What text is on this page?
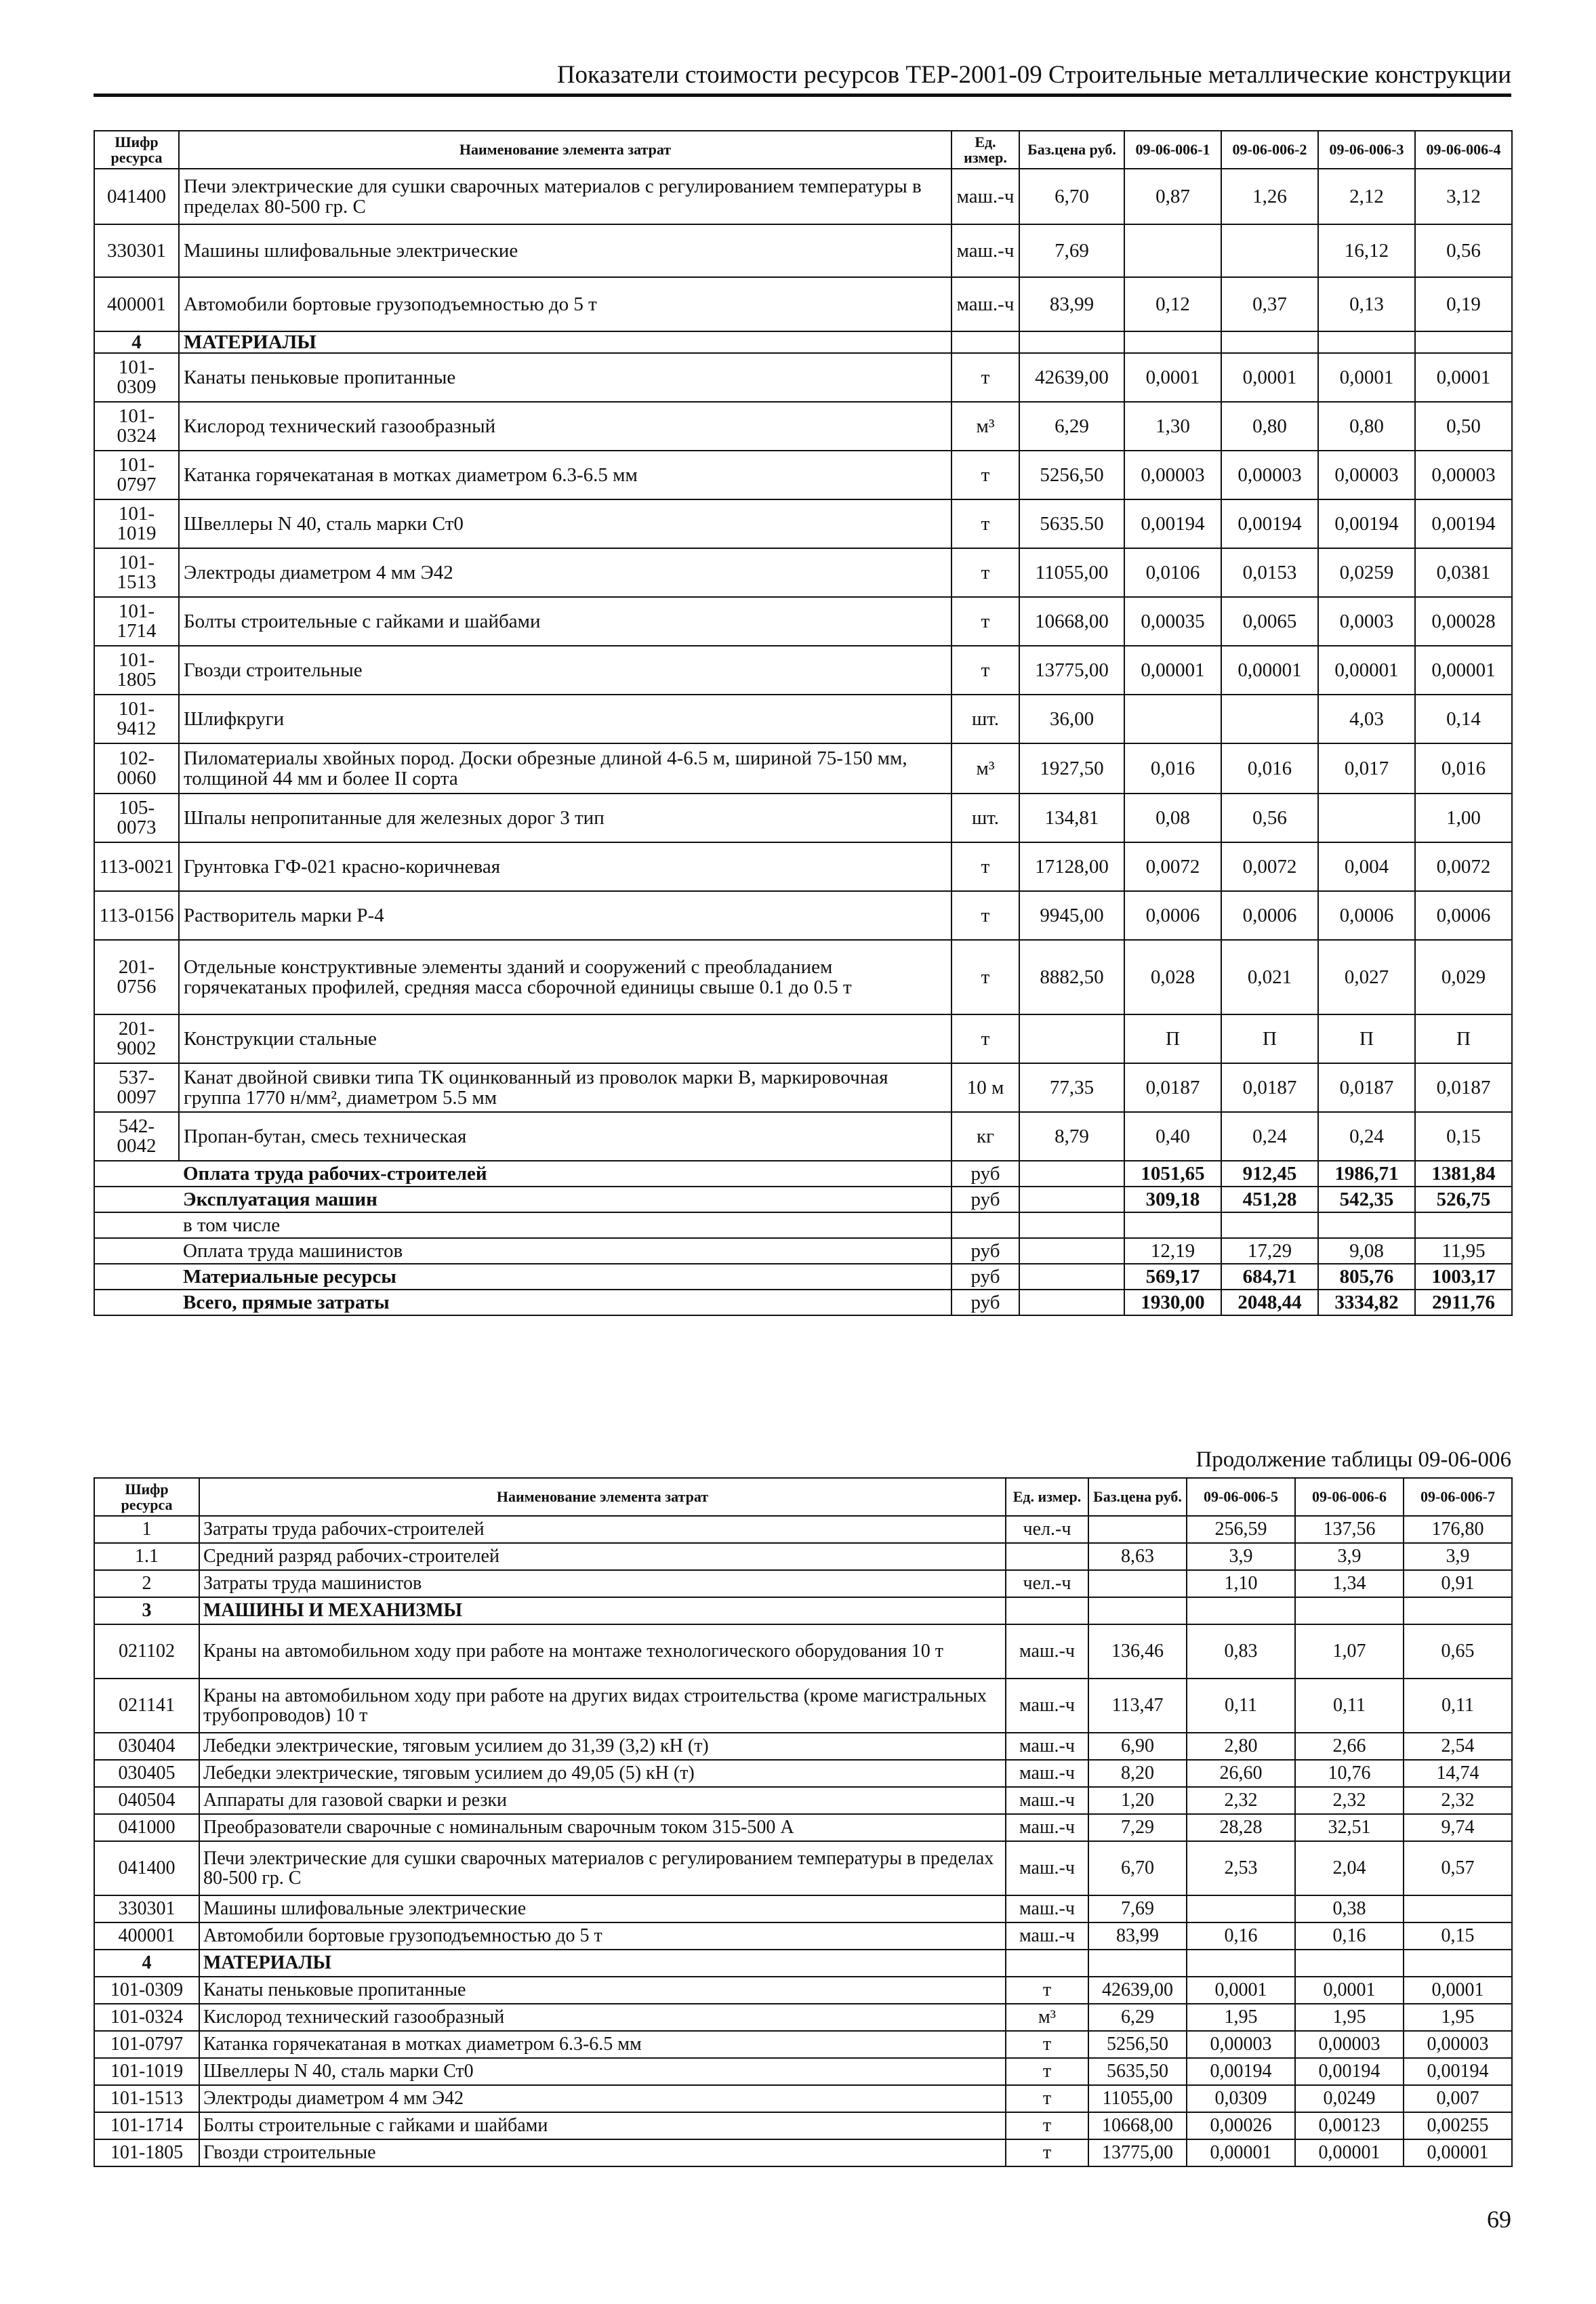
Показатели стоимости ресурсов ТЕР-2001-09 Строительные металлические конструкции
Шифр ресурса	Наименование элемента затрат	Ед. измер.	Баз.цена руб.	09-06-006-1	09-06-006-2	09-06-006-3	09-06-006-4
041400	Печи электрические для сушки сварочных материалов с регулированием температуры в пределах 80-500 гр. С	маш.-ч	6,70	0,87	1,26	2,12	3,12
330301	Машины шлифовальные электрические	маш.-ч	7,69			16,12	0,56
400001	Автомобили бортовые грузоподъемностью до 5 т	маш.-ч	83,99	0,12	0,37	0,13	0,19
4	МАТЕРИАЛЫ						
101-0309	Канаты пеньковые пропитанные	т	42639,00	0,0001	0,0001	0,0001	0,0001
101-0324	Кислород технический газообразный	м³	6,29	1,30	0,80	0,80	0,50
101-0797	Катанка горячекатаная в мотках диаметром 6.3-6.5 мм	т	5256,50	0,00003	0,00003	0,00003	0,00003
101-1019	Швеллеры N 40, сталь марки Ст0	т	5635.50	0,00194	0,00194	0,00194	0,00194
101-1513	Электроды диаметром 4 мм Э42	т	11055,00	0,0106	0,0153	0,0259	0,0381
101-1714	Болты строительные с гайками и шайбами	т	10668,00	0,00035	0,0065	0,0003	0,00028
101-1805	Гвозди строительные	т	13775,00	0,00001	0,00001	0,00001	0,00001
101-9412	Шлифкруги	шт.	36,00			4,03	0,14
102-0060	Пиломатериалы хвойных пород. Доски обрезные длиной 4-6.5 м, шириной 75-150 мм, толщиной 44 мм и более II сорта	м³	1927,50	0,016	0,016	0,017	0,016
105-0073	Шпалы непропитанные для железных дорог 3 тип	шт.	134,81	0,08	0,56		1,00
113-0021	Грунтовка ГФ-021 красно-коричневая	т	17128,00	0,0072	0,0072	0,004	0,0072
113-0156	Растворитель марки Р-4	т	9945,00	0,0006	0,0006	0,0006	0,0006
201-0756	Отдельные конструктивные элементы зданий и сооружений с преобладанием горячекатаных профилей, средняя масса сборочной единицы свыше 0.1 до 0.5 т	т	8882,50	0,028	0,021	0,027	0,029
201-9002	Конструкции стальные	т		П	П	П	П
537-0097	Канат двойной свивки типа ТК оцинкованный из проволок марки В, маркировочная группа 1770 н/мм², диаметром 5.5 мм	10 м	77,35	0,0187	0,0187	0,0187	0,0187
542-0042	Пропан-бутан, смесь техническая	кг	8,79	0,40	0,24	0,24	0,15
	Оплата труда рабочих-строителей	руб		1051,65	912,45	1986,71	1381,84
	Эксплуатация машин	руб		309,18	451,28	542,35	526,75
	в том числе						
	Оплата труда машинистов	руб		12,19	17,29	9,08	11,95
	Материальные ресурсы	руб		569,17	684,71	805,76	1003,17
	Всего, прямые затраты	руб		1930,00	2048,44	3334,82	2911,76
Продолжение таблицы 09-06-006
Шифр ресурса	Наименование элемента затрат	Ед. измер.	Баз.цена руб.	09-06-006-5	09-06-006-6	09-06-006-7
1	Затраты труда рабочих-строителей	чел.-ч		256,59	137,56	176,80
1.1	Средний разряд рабочих-строителей		8,63	3,9	3,9	3,9
2	Затраты труда машинистов	чел.-ч		1,10	1,34	0,91
3	МАШИНЫ И МЕХАНИЗМЫ					
021102	Краны на автомобильном ходу при работе на монтаже технологического оборудования 10 т	маш.-ч	136,46	0,83	1,07	0,65
021141	Краны на автомобильном ходу при работе на других видах строительства (кроме магистральных трубопроводов) 10 т	маш.-ч	113,47	0,11	0,11	0,11
030404	Лебедки электрические, тяговым усилием до 31,39 (3,2) кН (т)	маш.-ч	6,90	2,80	2,66	2,54
030405	Лебедки электрические, тяговым усилием до 49,05 (5) кН (т)	маш.-ч	8,20	26,60	10,76	14,74
040504	Аппараты для газовой сварки и резки	маш.-ч	1,20	2,32	2,32	2,32
041000	Преобразователи сварочные с номинальным сварочным током 315-500 А	маш.-ч	7,29	28,28	32,51	9,74
041400	Печи электрические для сушки сварочных материалов с регулированием температуры в пределах 80-500 гр. С	маш.-ч	6,70	2,53	2,04	0,57
330301	Машины шлифовальные электрические	маш.-ч	7,69		0,38	
400001	Автомобили бортовые грузоподъемностью до 5 т	маш.-ч	83,99	0,16	0,16	0,15
4	МАТЕРИАЛЫ					
101-0309	Канаты пеньковые пропитанные	т	42639,00	0,0001	0,0001	0,0001
101-0324	Кислород технический газообразный	м³	6,29	1,95	1,95	1,95
101-0797	Катанка горячекатаная в мотках диаметром 6.3-6.5 мм	т	5256,50	0,00003	0,00003	0,00003
101-1019	Швеллеры N 40, сталь марки Ст0	т	5635,50	0,00194	0,00194	0,00194
101-1513	Электроды диаметром 4 мм Э42	т	11055,00	0,0309	0,0249	0,007
101-1714	Болты строительные с гайками и шайбами	т	10668,00	0,00026	0,00123	0,00255
101-1805	Гвозди строительные	т	13775,00	0,00001	0,00001	0,00001
69
